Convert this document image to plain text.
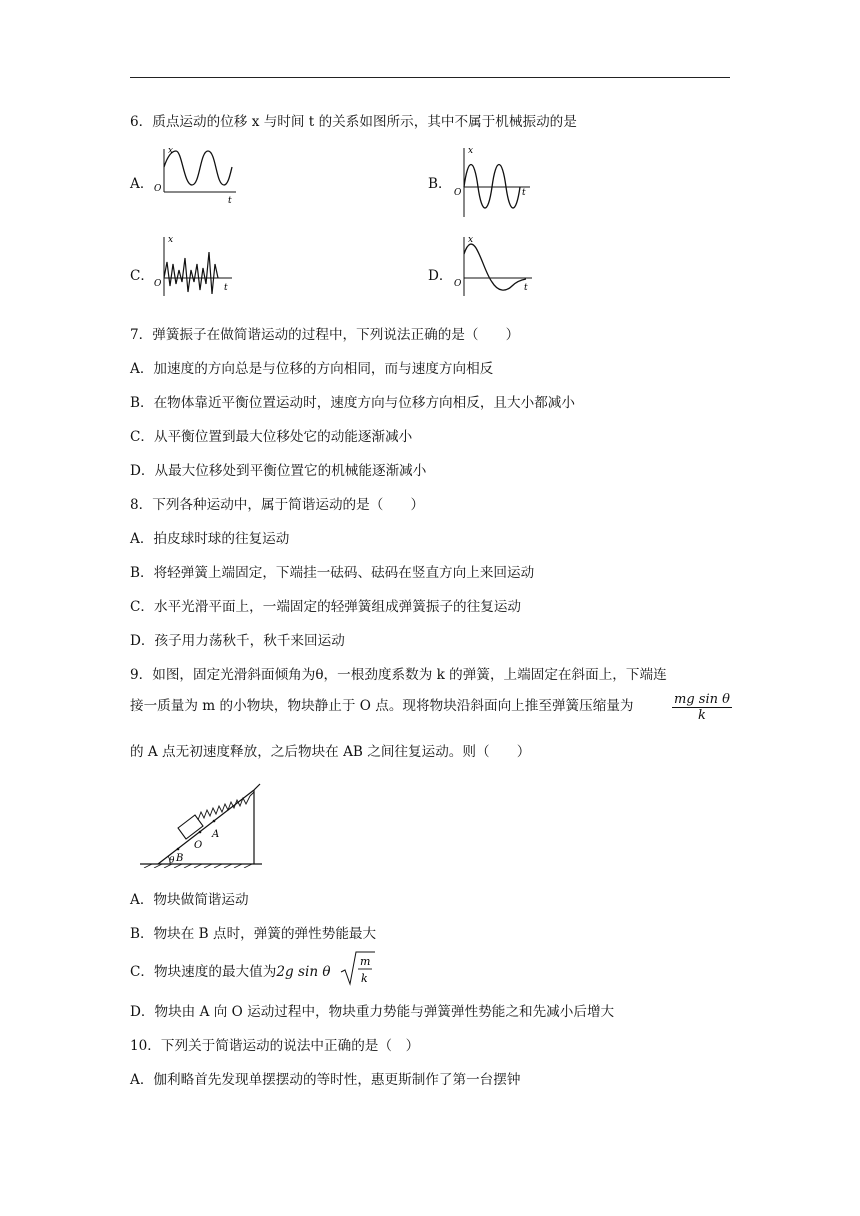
6．质点运动的位移 x 与时间 t 的关系如图所示，其中不属于机械振动的是
A．
x
O
t
B．
x
O	t
C．
x
O	t
D．
x
O	t
7．弹簧振子在做简谐运动的过程中，下列说法正确的是（　　）
A．加速度的方向总是与位移的方向相同，而与速度方向相反
B．在物体靠近平衡位置运动时，速度方向与位移方向相反，且大小都减小
C．从平衡位置到最大位移处它的动能逐渐减小
D．从最大位移处到平衡位置它的机械能逐渐减小
8．下列各种运动中，属于简谐运动的是（　　）
A．拍皮球时球的往复运动
B．将轻弹簧上端固定，下端挂一砝码、砝码在竖直方向上来回运动
C．水平光滑平面上，一端固定的轻弹簧组成弹簧振子的往复运动
D．孩子用力荡秋千，秋千来回运动
9．如图，固定光滑斜面倾角为θ，一根劲度系数为 k 的弹簧，上端固定在斜面上，下端连
接一质量为 m 的小物块，物块静止于 O 点。现将物块沿斜面向上推至弹簧压缩量为	$\frac{\text{mg sin θ}}{k}$
的 A 点无初速度释放，之后物块在 AB 之间往复运动。则（　　）
B
O
A
θ
A．物块做简谐运动
B．物块在 B 点时，弹簧的弹性势能最大
C．物块速度的最大值为2g sin θ
m
k
D．物块由 A 向 O 运动过程中，物块重力势能与弹簧弹性势能之和先减小后增大
10．下列关于简谐运动的说法中正确的是（　）
A．伽利略首先发现单摆摆动的等时性，惠更斯制作了第一台摆钟
